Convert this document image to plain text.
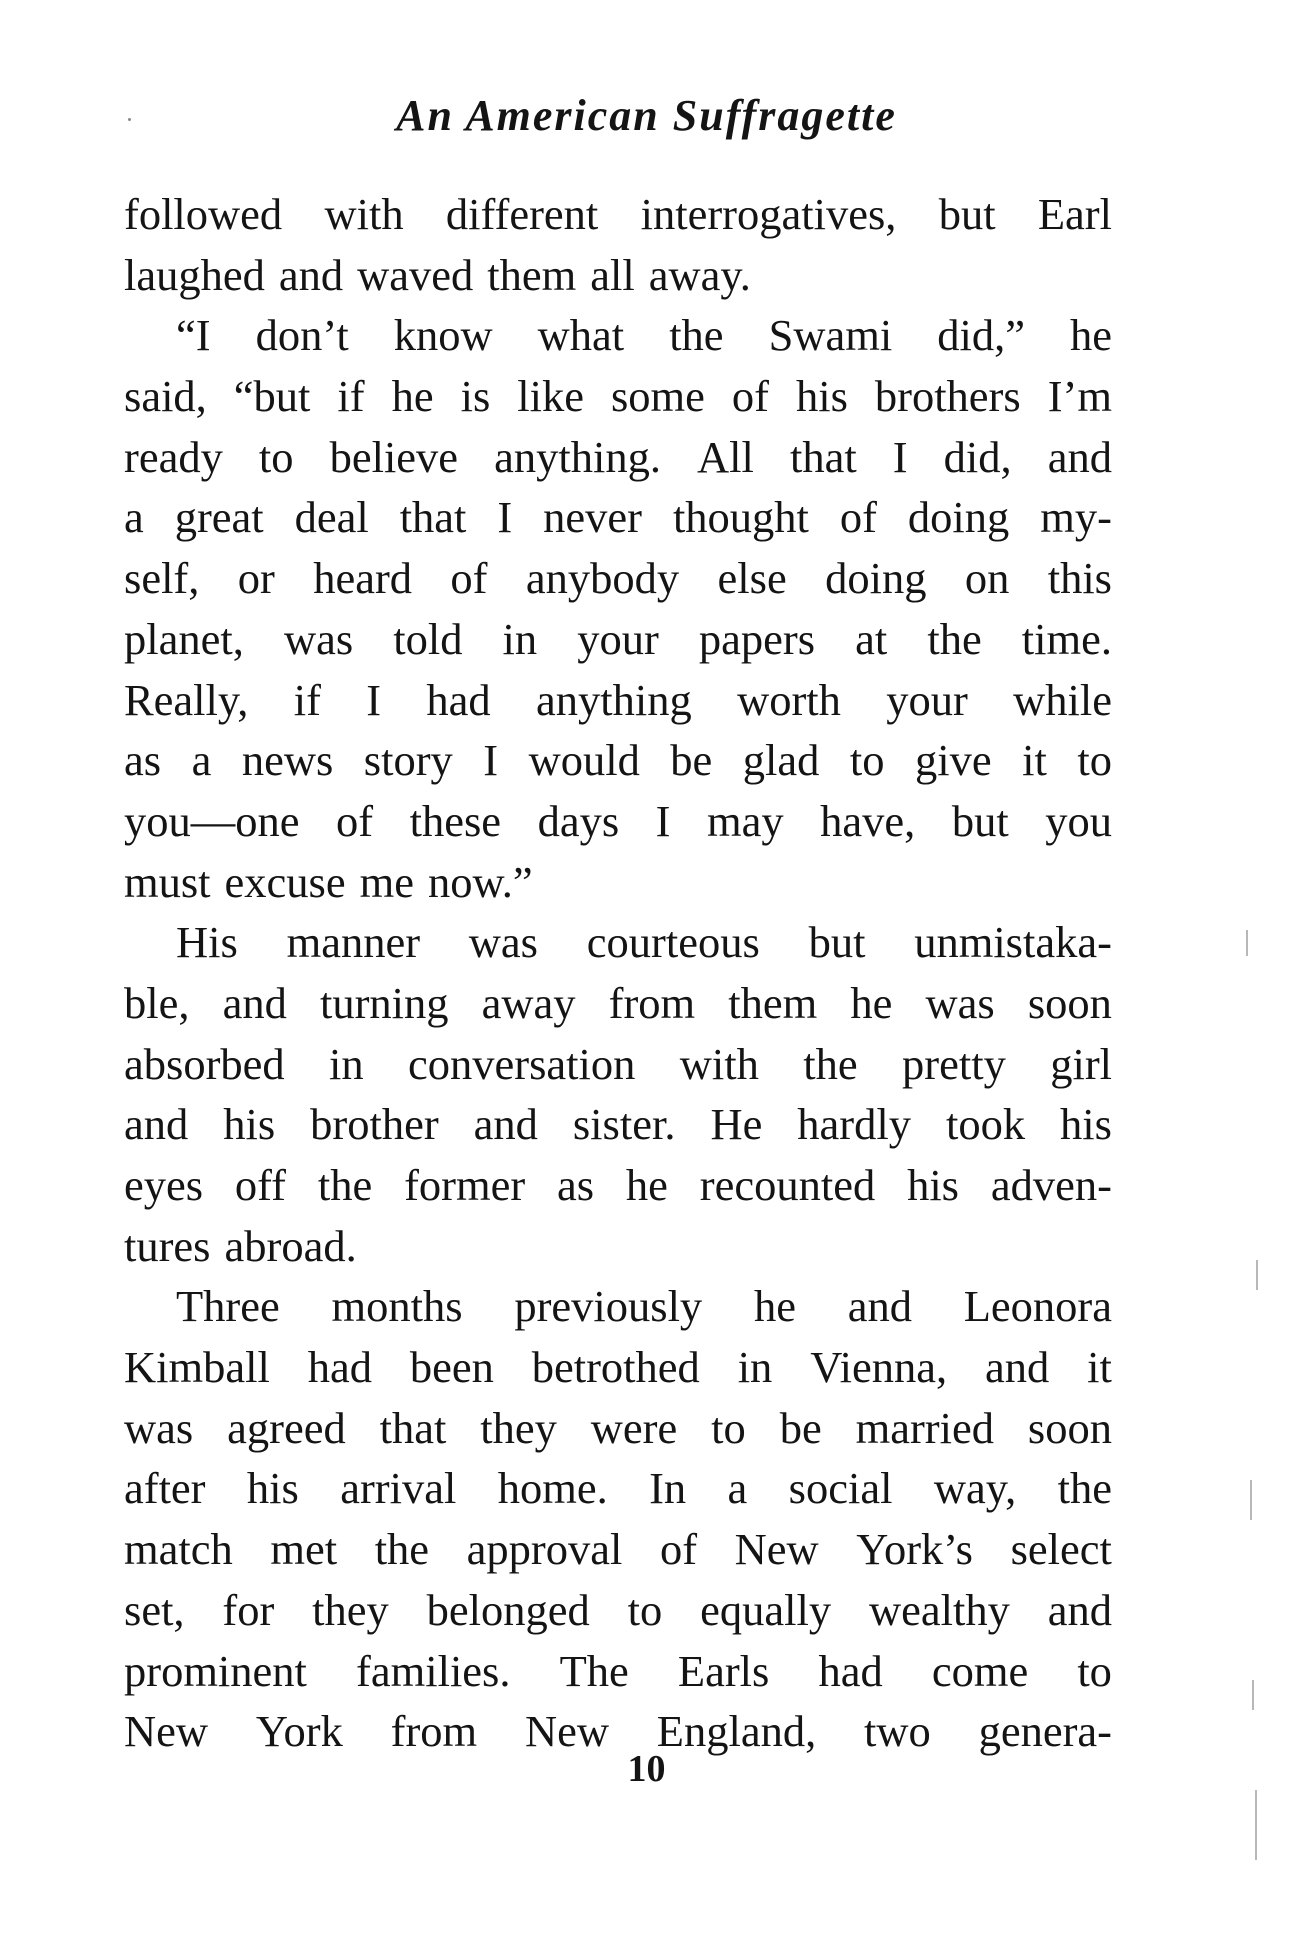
An American Suffragette
followed with different interrogatives, but Earl
laughed and waved them all away.
“I don’t know what the Swami did,” he
said, “but if he is like some of his brothers I’m
ready to believe anything. All that I did, and
a great deal that I never thought of doing my-
self, or heard of anybody else doing on this
planet, was told in your papers at the time.
Really, if I had anything worth your while
as a news story I would be glad to give it to
you—one of these days I may have, but you
must excuse me now.”
His manner was courteous but unmistaka-
ble, and turning away from them he was soon
absorbed in conversation with the pretty girl
and his brother and sister. He hardly took his
eyes off the former as he recounted his adven-
tures abroad.
Three months previously he and Leonora
Kimball had been betrothed in Vienna, and it
was agreed that they were to be married soon
after his arrival home. In a social way, the
match met the approval of New York’s select
set, for they belonged to equally wealthy and
prominent families. The Earls had come to
New York from New England, two genera-
10
